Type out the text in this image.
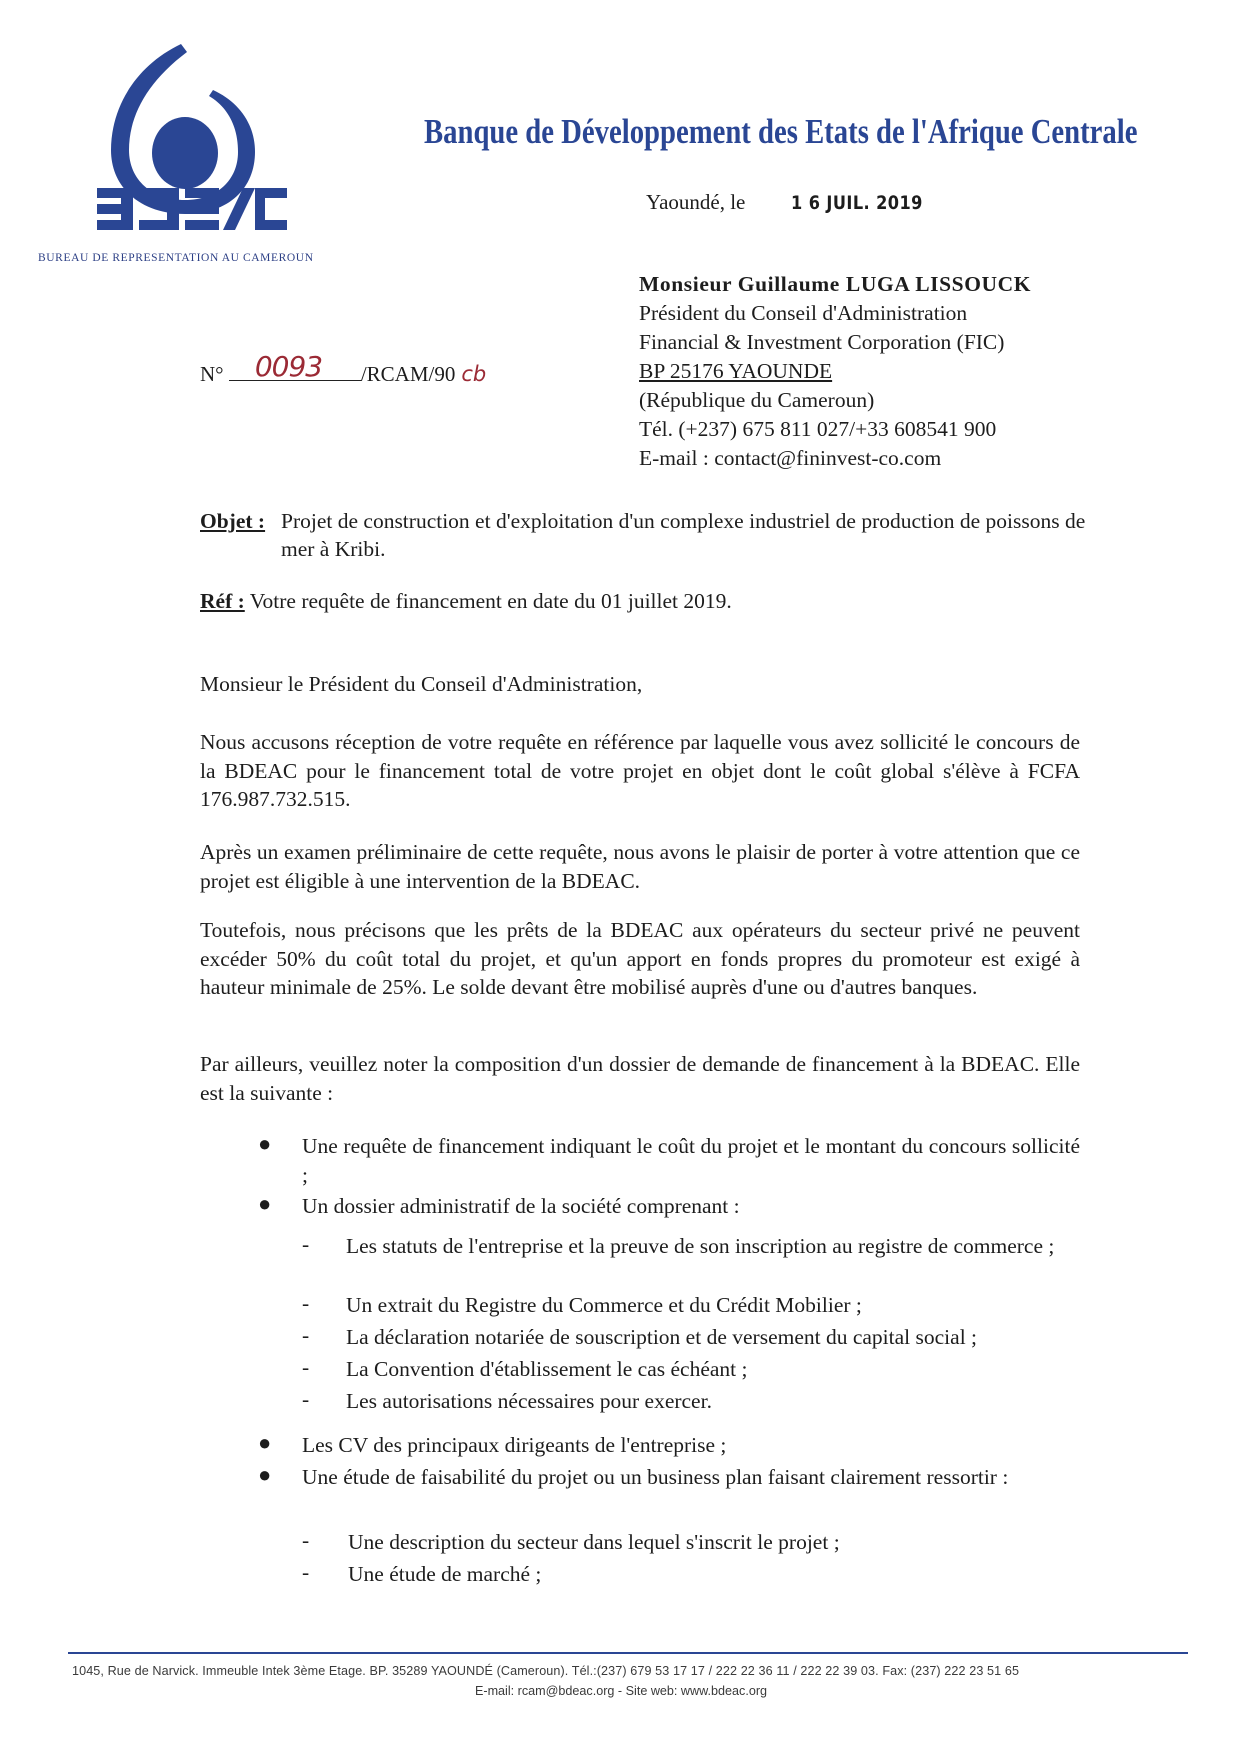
BUREAU DE REPRESENTATION AU CAMEROUN
Banque de Développement des Etats de l'Afrique Centrale
Yaoundé, le 1 6 JUIL. 2019
Monsieur Guillaume LUGA LISSOUCK
Président du Conseil d'Administration
Financial & Investment Corporation (FIC)
BP 25176 YAOUNDE
(République du Cameroun)
Tél. (+237) 675 811 027/+33 608541 900
E-mail : contact@fininvest-co.com
N° 0093 /RCAM/90 cb
Objet : Projet de construction et d'exploitation d'un complexe industriel de production de poissons de mer à Kribi.
Réf : Votre requête de financement en date du 01 juillet 2019.
Monsieur le Président du Conseil d'Administration,
Nous accusons réception de votre requête en référence par laquelle vous avez sollicité le concours de la BDEAC pour le financement total de votre projet en objet dont le coût global s'élève à FCFA 176.987.732.515.
Après un examen préliminaire de cette requête, nous avons le plaisir de porter à votre attention que ce projet est éligible à une intervention de la BDEAC.
Toutefois, nous précisons que les prêts de la BDEAC aux opérateurs du secteur privé ne peuvent excéder 50% du coût total du projet, et qu'un apport en fonds propres du promoteur est exigé à hauteur minimale de 25%. Le solde devant être mobilisé auprès d'une ou d'autres banques.
Par ailleurs, veuillez noter la composition d'un dossier de demande de financement à la BDEAC. Elle est la suivante :
● Une requête de financement indiquant le coût du projet et le montant du concours sollicité ;
● Un dossier administratif de la société comprenant :
- Les statuts de l'entreprise et la preuve de son inscription au registre de commerce ;
- Un extrait du Registre du Commerce et du Crédit Mobilier ;
- La déclaration notariée de souscription et de versement du capital social ;
- La Convention d'établissement le cas échéant ;
- Les autorisations nécessaires pour exercer.
● Les CV des principaux dirigeants de l'entreprise ;
● Une étude de faisabilité du projet ou un business plan faisant clairement ressortir :
- Une description du secteur dans lequel s'inscrit le projet ;
- Une étude de marché ;
1045, Rue de Narvick. Immeuble Intek 3ème Etage. BP. 35289 YAOUNDÉ (Cameroun). Tél.:(237) 679 53 17 17 / 222 22 36 11 / 222 22 39 03. Fax: (237) 222 23 51 65
E-mail: rcam@bdeac.org - Site web: www.bdeac.org
